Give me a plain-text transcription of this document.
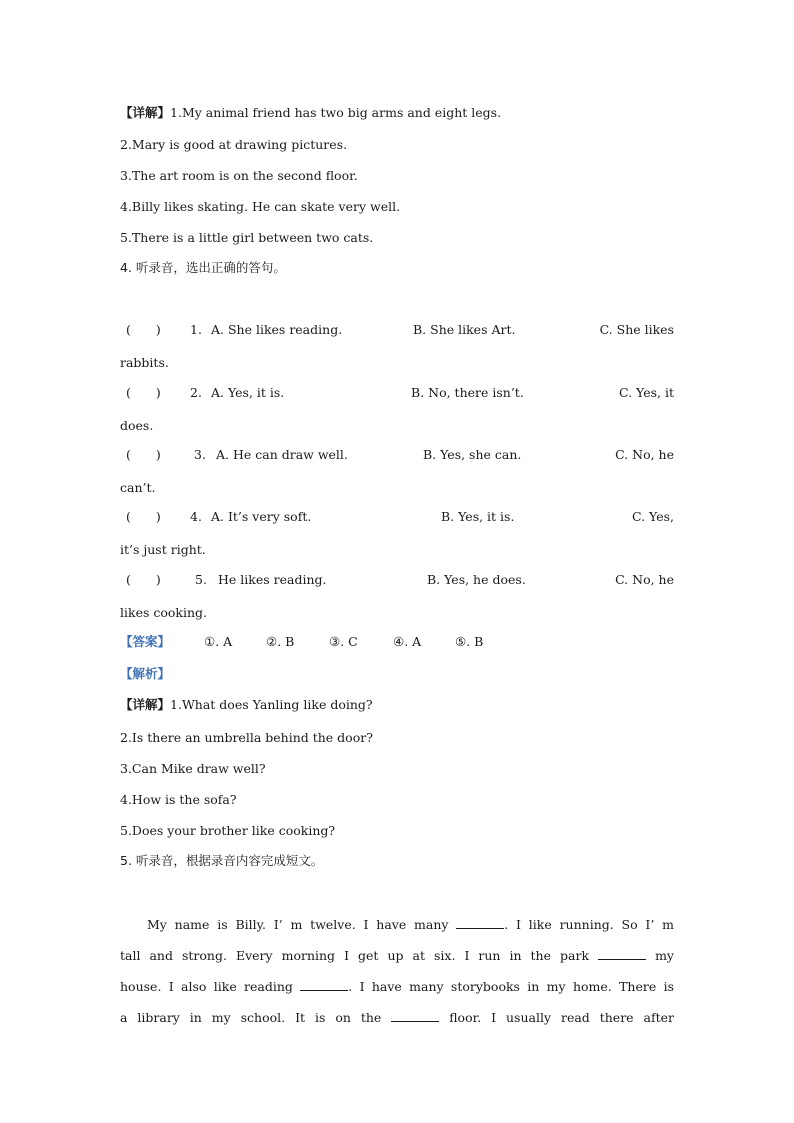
【详解】1.My animal friend has two big arms and eight legs.
2.Mary is good at drawing pictures.
3.The art room is on the second floor.
4.Billy likes skating. He can skate very well.
5.There is a little girl between two cats.
4. 听录音，选出正确的答句。
(　　) 1. A. She likes reading.	B. She likes Art.	C. She likes
rabbits.
(　　) 2. A. Yes, it is.	B. No, there isn’t.	C. Yes, it
does.
(　　)	3. A. He can draw well.	B. Yes, she can.	C. No, he
can’t.
(　　) 4. A. It’s very soft.	B. Yes, it is.	C. Yes,
it’s just right.
(　　)	5. He likes reading.	B. Yes, he does.	C. No, he
likes cooking.
【答案】	①. A	②. B	③. C	④. A	⑤. B
【解析】
【详解】1.What does Yanling like doing?
2.Is there an umbrella behind the door?
3.Can Mike draw well?
4.How is the sofa?
5.Does your brother like cooking?
5. 听录音，根据录音内容完成短文。
My name is Billy. I’ m twelve. I have many	. I like running. So I’ m
tall and strong. Every morning I get up at six. I run in the park	my
house. I also like reading	. I have many storybooks in my home. There is
a library in my school. It is on the	floor. I usually read there after
